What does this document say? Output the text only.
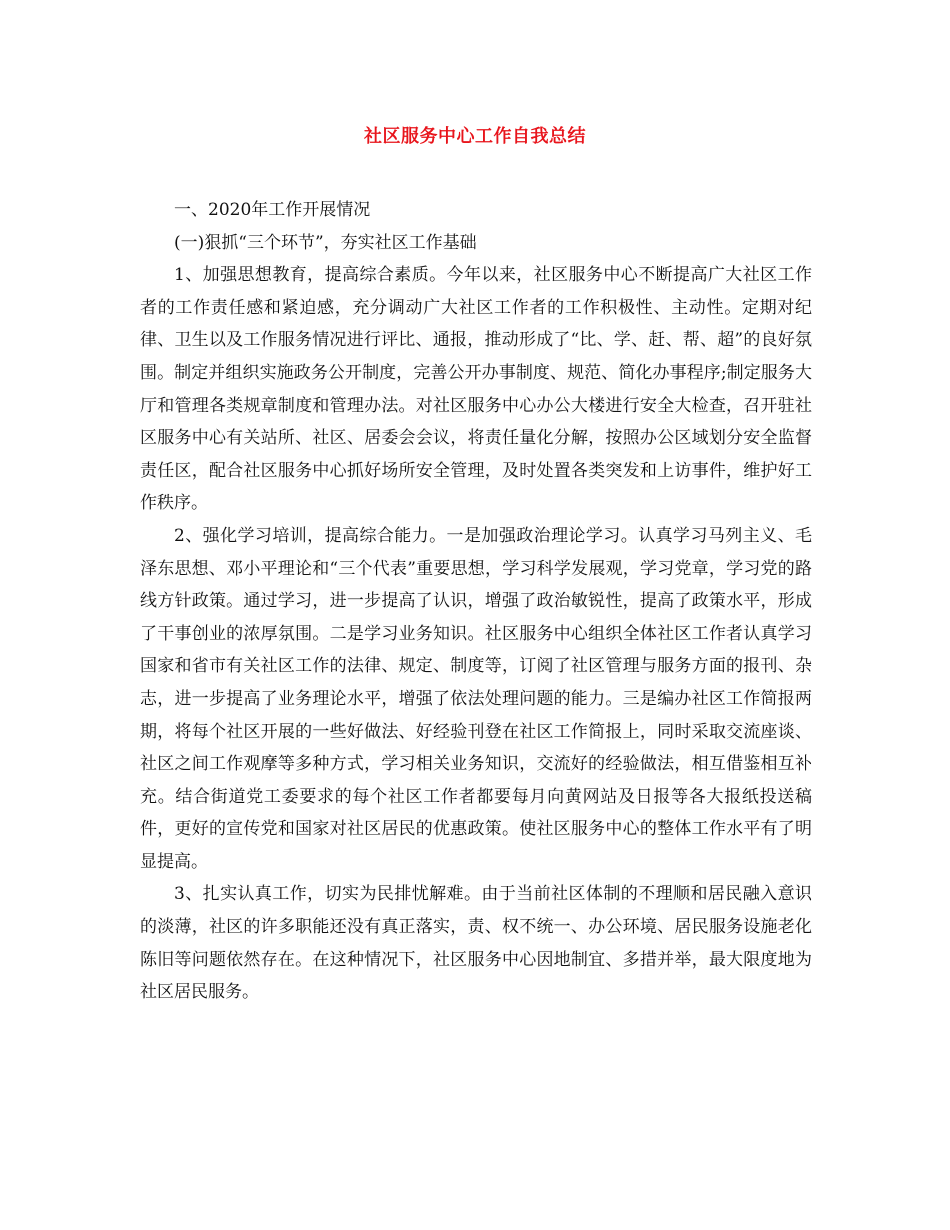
社区服务中心工作自我总结

一、2020年工作开展情况

(一)狠抓“三个环节”，夯实社区工作基础

1、加强思想教育，提高综合素质。今年以来，社区服务中心不断提高广大社区工作者的工作责任感和紧迫感，充分调动广大社区工作者的工作积极性、主动性。定期对纪律、卫生以及工作服务情况进行评比、通报，推动形成了“比、学、赶、帮、超”的良好氛围。制定并组织实施政务公开制度，完善公开办事制度、规范、简化办事程序;制定服务大厅和管理各类规章制度和管理办法。对社区服务中心办公大楼进行安全大检查，召开驻社区服务中心有关站所、社区、居委会会议，将责任量化分解，按照办公区域划分安全监督责任区，配合社区服务中心抓好场所安全管理，及时处置各类突发和上访事件，维护好工作秩序。

2、强化学习培训，提高综合能力。一是加强政治理论学习。认真学习马列主义、毛泽东思想、邓小平理论和“三个代表”重要思想，学习科学发展观，学习党章，学习党的路线方针政策。通过学习，进一步提高了认识，增强了政治敏锐性，提高了政策水平，形成了干事创业的浓厚氛围。二是学习业务知识。社区服务中心组织全体社区工作者认真学习国家和省市有关社区工作的法律、规定、制度等，订阅了社区管理与服务方面的报刊、杂志，进一步提高了业务理论水平，增强了依法处理问题的能力。三是编办社区工作简报两期，将每个社区开展的一些好做法、好经验刊登在社区工作简报上，同时采取交流座谈、社区之间工作观摩等多种方式，学习相关业务知识，交流好的经验做法，相互借鉴相互补充。结合街道党工委要求的每个社区工作者都要每月向黄网站及日报等各大报纸投送稿件，更好的宣传党和国家对社区居民的优惠政策。使社区服务中心的整体工作水平有了明显提高。

3、扎实认真工作，切实为民排忧解难。由于当前社区体制的不理顺和居民融入意识的淡薄，社区的许多职能还没有真正落实，责、权不统一、办公环境、居民服务设施老化陈旧等问题依然存在。在这种情况下，社区服务中心因地制宜、多措并举，最大限度地为社区居民服务。
